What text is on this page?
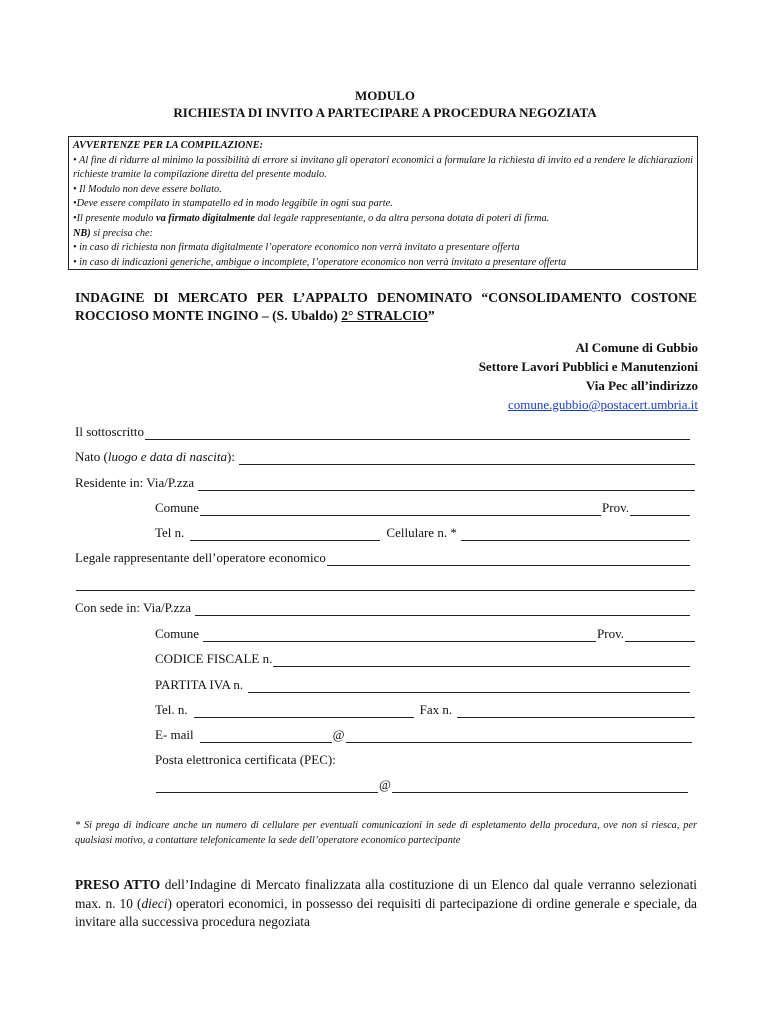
MODULO
RICHIESTA DI INVITO A PARTECIPARE A PROCEDURA NEGOZIATA
AVVERTENZE PER LA COMPILAZIONE:
• Al fine di ridurre al minimo la possibilità di errore si invitano gli operatori economici a formulare la richiesta di invito ed a rendere le dichiarazioni richieste tramite la compilazione diretta del presente modulo.
• Il Modulo non deve essere bollato.
•Deve essere compilato in stampatello ed in modo leggibile in ogni sua parte.
•Il presente modulo va firmato digitalmente dal legale rappresentante, o da altra persona dotata di poteri di firma.
NB) si precisa che:
• in caso di richiesta non firmata digitalmente l’operatore economico non verrà invitato a presentare offerta
• in caso di indicazioni generiche, ambigue o incomplete, l’operatore economico non verrà invitato a presentare offerta
INDAGINE DI MERCATO PER L’APPALTO DENOMINATO “CONSOLIDAMENTO COSTONE ROCCIOSO MONTE INGINO – (S. Ubaldo) 2° STRALCIO”
Al Comune di Gubbio
Settore Lavori Pubblici e Manutenzioni
Via Pec all’indirizzo
comune.gubbio@postacert.umbria.it
Il sottoscritto
Nato (luogo e data di nascita):
Residente in: Via/P.zza
Comune	Prov.
Tel n.	Cellulare n. *
Legale rappresentante dell’operatore economico
Con sede in: Via/P.zza
Comune	Prov.
CODICE FISCALE n.
PARTITA IVA n.
Tel. n.	Fax n.
E- mail	@
Posta elettronica certificata (PEC):
@
* Si prega di indicare anche un numero di cellulare per eventuali comunicazioni in sede di espletamento della procedura, ove non si riesca, per qualsiasi motivo, a contattare telefonicamente la sede dell’operatore economico partecipante
PRESO ATTO dell’Indagine di Mercato finalizzata alla costituzione di un Elenco dal quale verranno selezionati max. n. 10 (dieci) operatori economici, in possesso dei requisiti di partecipazione di ordine generale e speciale, da invitare alla successiva procedura negoziata
